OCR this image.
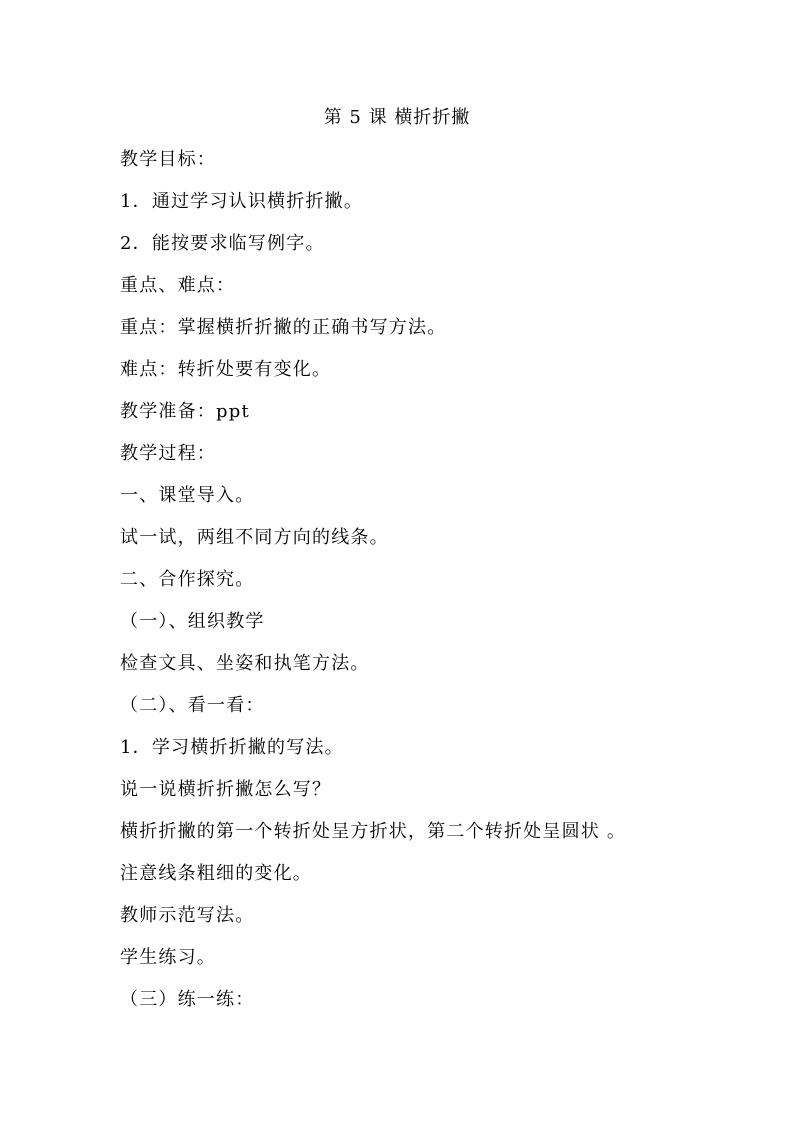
第 5 课 横折折撇
教学目标：
1．通过学习认识横折折撇。
2．能按要求临写例字。
重点、难点：
重点：掌握横折折撇的正确书写方法。
难点：转折处要有变化。
教学准备：ppt
教学过程：
一、课堂导入。
试一试，两组不同方向的线条。
二、合作探究。
（一）、组织教学
检查文具、坐姿和执笔方法。
（二）、看一看：
1．学习横折折撇的写法。
说一说横折折撇怎么写？
横折折撇的第一个转折处呈方折状，第二个转折处呈圆状 。
注意线条粗细的变化。
教师示范写法。
学生练习。
（三）练一练：
